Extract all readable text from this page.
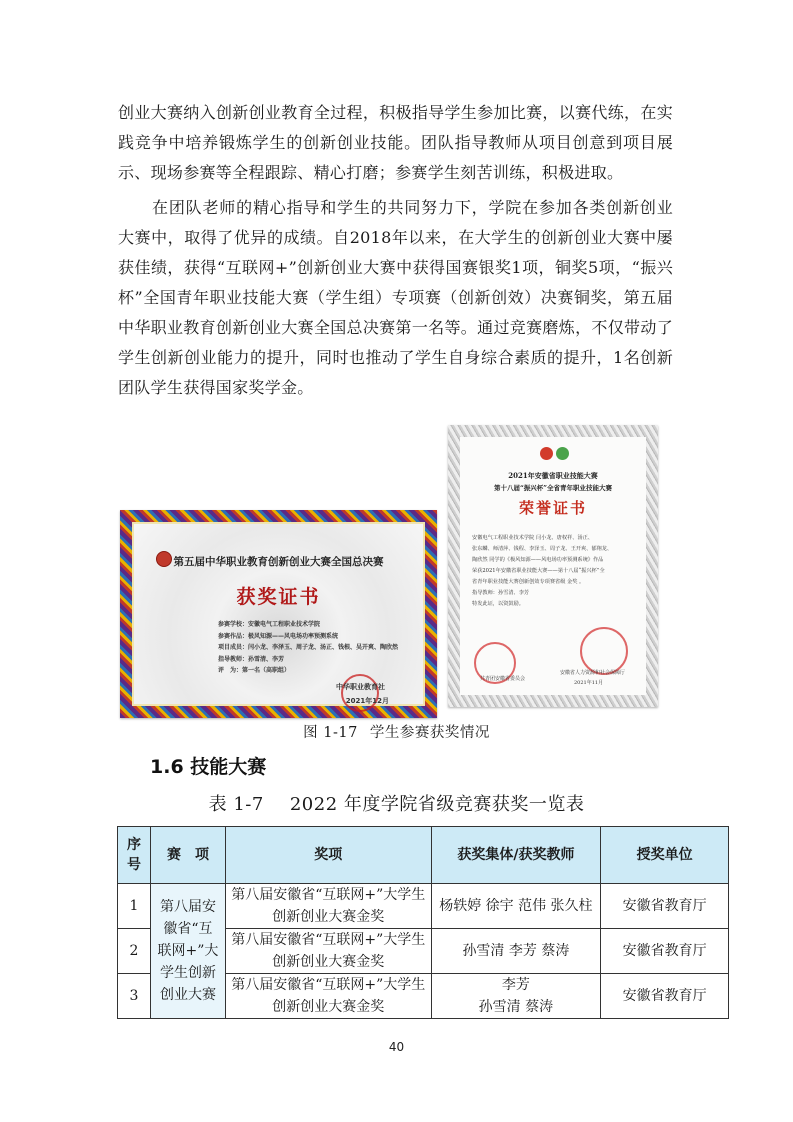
创业大赛纳入创新创业教育全过程，积极指导学生参加比赛，以赛代练，在实践竞争中培养锻炼学生的创新创业技能。团队指导教师从项目创意到项目展示、现场参赛等全程跟踪、精心打磨；参赛学生刻苦训练，积极进取。

在团队老师的精心指导和学生的共同努力下，学院在参加各类创新创业大赛中，取得了优异的成绩。自2018年以来，在大学生的创新创业大赛中屡获佳绩，获得“互联网+”创新创业大赛中获得国赛银奖1项，铜奖5项，“振兴杯”全国青年职业技能大赛（学生组）专项赛（创新创效）决赛铜奖，第五届中华职业教育创新创业大赛全国总决赛第一名等。通过竞赛磨炼，不仅带动了学生创新创业能力的提升，同时也推动了学生自身综合素质的提升，1名创新团队学生获得国家奖学金。

第五届中华职业教育创新创业大赛全国总决赛
获奖证书
参赛学校：安徽电气工程职业技术学院
参赛作品：极风知源——风电场功率预测系统
项目成员：闫小龙、李泽玉、周子龙、汤正、钱根、吴开爽、陶欣然
指导教师：孙雪清、李芳
评　为：第一名（高职组）
中华职业教育社
2021年12月
2021年安徽省职业技能大赛
第十八届“振兴杯”全省青年职业技能大赛
荣誉证书
安徽电气工程职业技术学院 闫小龙、唐权祥、汤正、
张东麟、师清萍、钱程、李泽玉、周子龙、王开爽、郁翔龙、
陶欣然 同学的《极风知源——风电场功率预测系统》作品
荣获2021年安徽省职业技能大赛——第十八届“振兴杯”全
省青年职业技能大赛创新创效专项赛省级 金奖 。
指导教师：孙雪清、李芳
特发此证，以资鼓励。
共青团安徽省委员会
安徽省人力资源和社会保障厅
2021年11月
图 1-17 学生参赛获奖情况
1.6 技能大赛
表 1-7 2022 年度学院省级竞赛获奖一览表
序号	赛　项	奖项	获奖集体/获奖教师	授奖单位
1	第八届安徽省“互联网+”大学生创新创业大赛	第八届安徽省“互联网+”大学生创新创业大赛金奖	杨轶婷 徐宇 范伟 张久柱	安徽省教育厅
2		第八届安徽省“互联网+”大学生创新创业大赛金奖	孙雪清 李芳 蔡涛	安徽省教育厅
3		第八届安徽省“互联网+”大学生创新创业大赛金奖	李芳
孙雪清 蔡涛	安徽省教育厅
40
